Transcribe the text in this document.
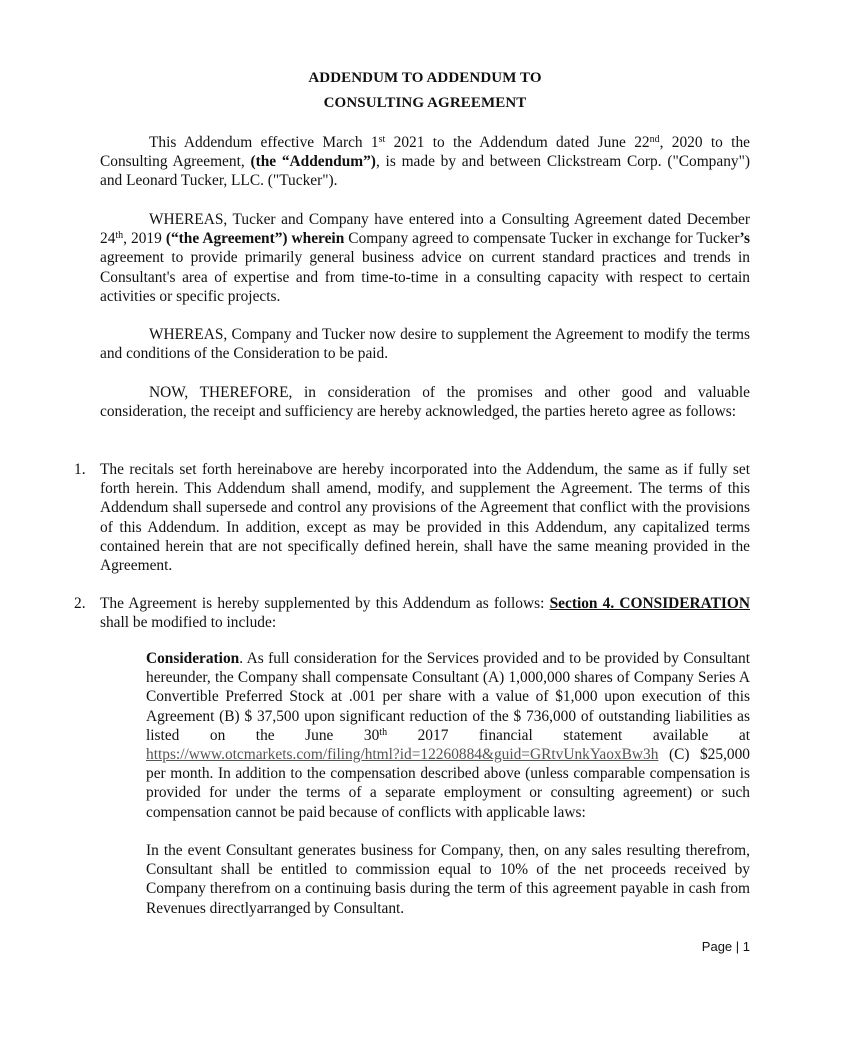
ADDENDUM TO ADDENDUM TO
CONSULTING AGREEMENT
This Addendum effective March 1st 2021 to the Addendum dated June 22nd, 2020 to the Consulting Agreement, (the “Addendum”), is made by and between Clickstream Corp. ("Company") and Leonard Tucker, LLC. ("Tucker").
WHEREAS, Tucker and Company have entered into a Consulting Agreement dated December 24th, 2019 (“the Agreement”) wherein Company agreed to compensate Tucker in exchange for Tucker’s agreement to provide primarily general business advice on current standard practices and trends in Consultant's area of expertise and from time-to-time in a consulting capacity with respect to certain activities or specific projects.
WHEREAS, Company and Tucker now desire to supplement the Agreement to modify the terms and conditions of the Consideration to be paid.
NOW, THEREFORE, in consideration of the promises and other good and valuable consideration, the receipt and sufficiency are hereby acknowledged, the parties hereto agree as follows:
1. The recitals set forth hereinabove are hereby incorporated into the Addendum, the same as if fully set forth herein. This Addendum shall amend, modify, and supplement the Agreement. The terms of this Addendum shall supersede and control any provisions of the Agreement that conflict with the provisions of this Addendum. In addition, except as may be provided in this Addendum, any capitalized terms contained herein that are not specifically defined herein, shall have the same meaning provided in the Agreement.
2. The Agreement is hereby supplemented by this Addendum as follows: Section 4. CONSIDERATION shall be modified to include:
Consideration. As full consideration for the Services provided and to be provided by Consultant hereunder, the Company shall compensate Consultant (A) 1,000,000 shares of Company Series A Convertible Preferred Stock at .001 per share with a value of $1,000 upon execution of this Agreement (B) $ 37,500 upon significant reduction of the $ 736,000 of outstanding liabilities as listed on the June 30th 2017 financial statement available at https://www.otcmarkets.com/filing/html?id=12260884&guid=GRtvUnkYaoxBw3h (C) $25,000 per month. In addition to the compensation described above (unless comparable compensation is provided for under the terms of a separate employment or consulting agreement) or such compensation cannot be paid because of conflicts with applicable laws:
In the event Consultant generates business for Company, then, on any sales resulting therefrom, Consultant shall be entitled to commission equal to 10% of the net proceeds received by Company therefrom on a continuing basis during the term of this agreement payable in cash from Revenues directlyarranged by Consultant.
Page | 1
